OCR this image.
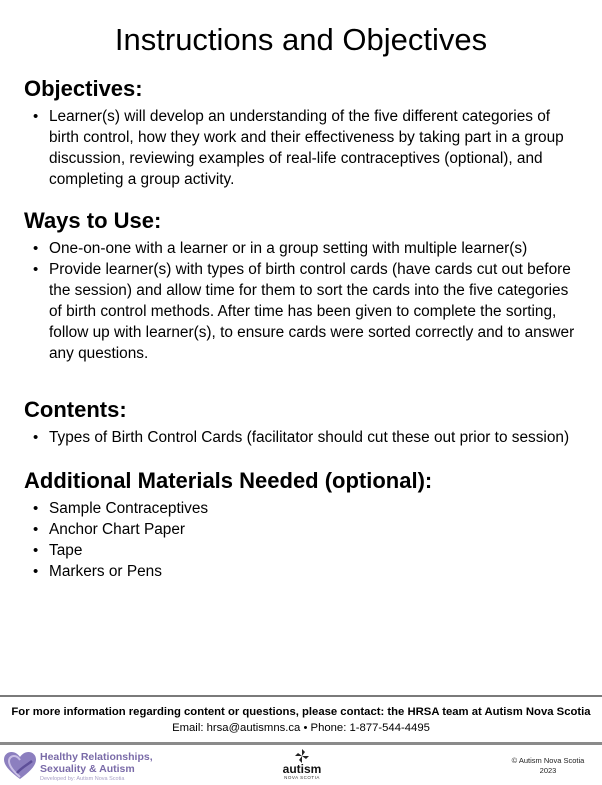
Instructions and Objectives
Objectives:
• Learner(s) will develop an understanding of the five different categories of birth control, how they work and their effectiveness by taking part in a group discussion, reviewing examples of real-life contraceptives (optional), and completing a group activity.
Ways to Use:
• One-on-one with a learner or in a group setting with multiple learner(s)
• Provide learner(s) with types of birth control cards (have cards cut out before the session) and allow time for them to sort the cards into the five categories of birth control methods. After time has been given to complete the sorting, follow up with learner(s), to ensure cards were sorted correctly and to answer any questions.
Contents:
• Types of Birth Control Cards (facilitator should cut these out prior to session)
Additional Materials Needed (optional):
• Sample Contraceptives
• Anchor Chart Paper
• Tape
• Markers or Pens
For more information regarding content or questions, please contact: the HRSA team at Autism Nova Scotia
Email: hrsa@autismns.ca • Phone: 1-877-544-4495
Healthy Relationships,
Sexuality & Autism
Developed by: Autism Nova Scotia
autism
NOVA SCOTIA
© Autism Nova Scotia
2023
